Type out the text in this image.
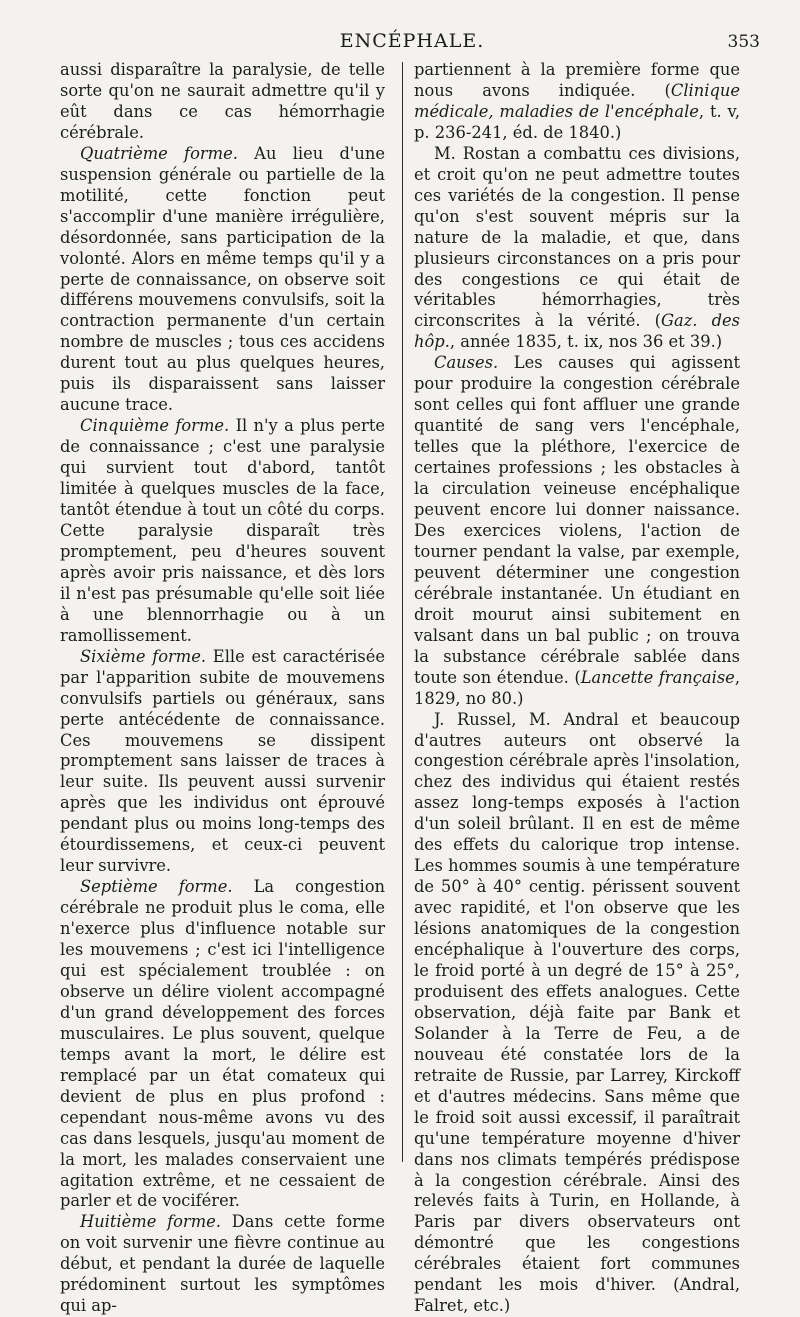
ENCÉPHALE.	353

aussi disparaître la paralysie, de telle sorte qu'on ne saurait admettre qu'il y eût dans ce cas hémorrhagie cérébrale.

Quatrième forme. Au lieu d'une suspension générale ou partielle de la motilité, cette fonction peut s'accomplir d'une manière irrégulière, désordonnée, sans participation de la volonté. Alors en même temps qu'il y a perte de connaissance, on observe soit différens mouvemens convulsifs, soit la contraction permanente d'un certain nombre de muscles ; tous ces accidens durent tout au plus quelques heures, puis ils disparaissent sans laisser aucune trace.

Cinquième forme. Il n'y a plus perte de connaissance ; c'est une paralysie qui survient tout d'abord, tantôt limitée à quelques muscles de la face, tantôt étendue à tout un côté du corps. Cette paralysie disparaît très promptement, peu d'heures souvent après avoir pris naissance, et dès lors il n'est pas présumable qu'elle soit liée à une blennorrhagie ou à un ramollissement.

Sixième forme. Elle est caractérisée par l'apparition subite de mouvemens convulsifs partiels ou généraux, sans perte antécédente de connaissance. Ces mouvemens se dissipent promptement sans laisser de traces à leur suite. Ils peuvent aussi survenir après que les individus ont éprouvé pendant plus ou moins long-temps des étourdissemens, et ceux-ci peuvent leur survivre.

Septième forme. La congestion cérébrale ne produit plus le coma, elle n'exerce plus d'influence notable sur les mouvemens ; c'est ici l'intelligence qui est spécialement troublée : on observe un délire violent accompagné d'un grand développement des forces musculaires. Le plus souvent, quelque temps avant la mort, le délire est remplacé par un état comateux qui devient de plus en plus profond : cependant nous-même avons vu des cas dans lesquels, jusqu'au moment de la mort, les malades conservaient une agitation extrême, et ne cessaient de parler et de vociférer.

Huitième forme. Dans cette forme on voit survenir une fièvre continue au début, et pendant la durée de laquelle prédominent surtout les symptômes qui ap-

partiennent à la première forme que nous avons indiquée. (Clinique médicale, maladies de l'encéphale, t. v, p. 236-241, éd. de 1840.)

M. Rostan a combattu ces divisions, et croit qu'on ne peut admettre toutes ces variétés de la congestion. Il pense qu'on s'est souvent mépris sur la nature de la maladie, et que, dans plusieurs circonstances on a pris pour des congestions ce qui était de véritables hémorrhagies, très circonscrites à la vérité. (Gaz. des hôp., année 1835, t. ix, nos 36 et 39.)

Causes. Les causes qui agissent pour produire la congestion cérébrale sont celles qui font affluer une grande quantité de sang vers l'encéphale, telles que la pléthore, l'exercice de certaines professions ; les obstacles à la circulation veineuse encéphalique peuvent encore lui donner naissance. Des exercices violens, l'action de tourner pendant la valse, par exemple, peuvent déterminer une congestion cérébrale instantanée. Un étudiant en droit mourut ainsi subitement en valsant dans un bal public ; on trouva la substance cérébrale sablée dans toute son étendue. (Lancette française, 1829, no 80.)

J. Russel, M. Andral et beaucoup d'autres auteurs ont observé la congestion cérébrale après l'insolation, chez des individus qui étaient restés assez long-temps exposés à l'action d'un soleil brûlant. Il en est de même des effets du calorique trop intense. Les hommes soumis à une température de 50° à 40° centig. périssent souvent avec rapidité, et l'on observe que les lésions anatomiques de la congestion encéphalique à l'ouverture des corps, le froid porté à un degré de 15° à 25°, produisent des effets analogues. Cette observation, déjà faite par Bank et Solander à la Terre de Feu, a de nouveau été constatée lors de la retraite de Russie, par Larrey, Kirckoff et d'autres médecins. Sans même que le froid soit aussi excessif, il paraîtrait qu'une température moyenne d'hiver dans nos climats tempérés prédispose à la congestion cérébrale. Ainsi des relevés faits à Turin, en Hollande, à Paris par divers observateurs ont démontré que les congestions cérébrales étaient fort communes pendant les mois d'hiver. (Andral, Falret, etc.)
